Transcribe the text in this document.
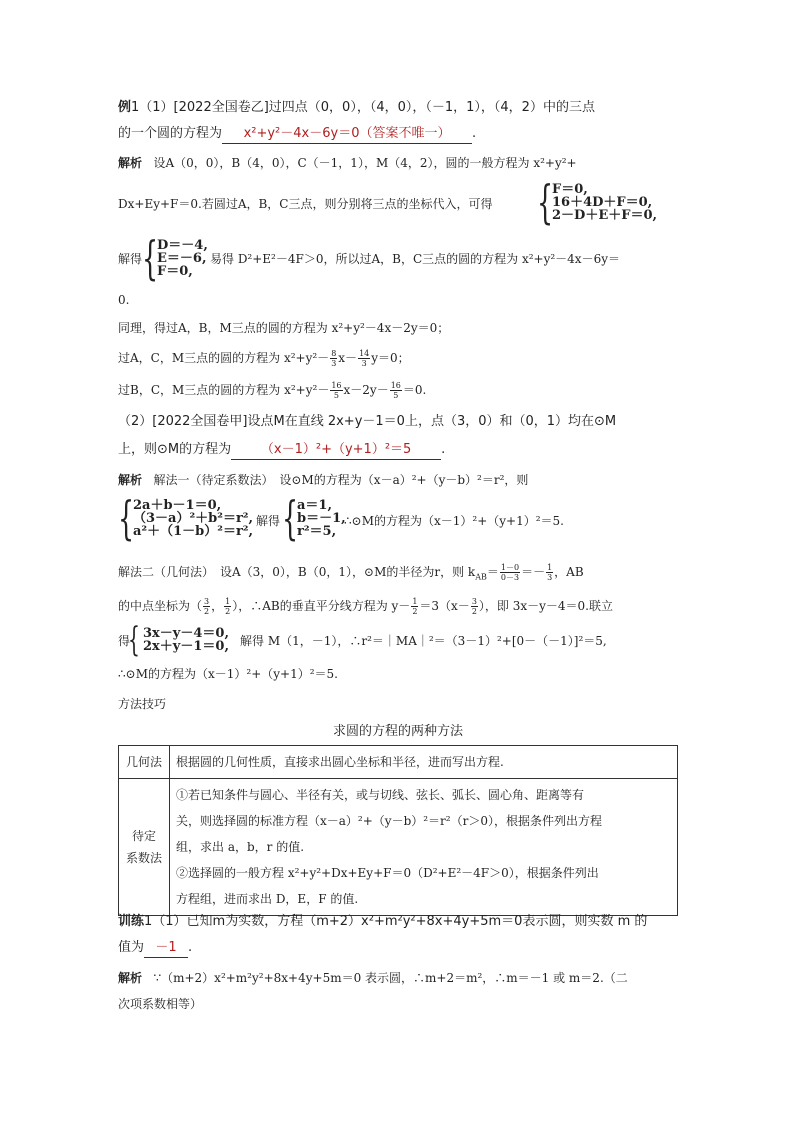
例1（1）[2022全国卷乙]过四点（0，0），（4，0），（－1，1），（4，2）中的三点
的一个圆的方程为 x²+y²－4x－6y＝0（答案不唯一） .
解析 设A（0，0），B（4，0），C（－1，1），M（4，2），圆的一般方程为 x²+y²+
Dx+Ey+F＝0.若圆过A，B，C三点，则分别将三点的坐标代入，可得 {
F＝0,
16＋4D＋F＝0,
2－D＋E＋F＝0,
解得 {
D＝－4,
E＝－6,
F＝0,
易得 D²+E²－4F＞0，所以过A，B，C三点的圆的方程为 x²+y²－4x－6y＝
0.
同理，得过A，B，M三点的圆的方程为 x²+y²－4x－2y＝0；
过A，C，M三点的圆的方程为 $x^2+y^2- \frac{8}{3} x- \frac{14}{3} y=0$；
过B，C，M三点的圆的方程为 $x^2+y^2- \frac{16}{5} x-2y- \frac{16}{5} =0$.
（2）[2022全国卷甲]设点M在直线 2x+y－1＝0上，点（3，0）和（0，1）均在⊙M
上，则⊙M的方程为 （x－1）²+（y+1）²＝5 .
解析 解法一（待定系数法）　设⊙M的方程为（x－a）²+（y－b）²＝r²，则
{
2a＋b－1＝0,
（3－a）²＋b²＝r²,
a²＋（1－b）²＝r²,
解得 {
a＝1,
b＝－1,
r²＝5,
∴⊙M的方程为（x－1）²+（y+1）²＝5.
解法二（几何法）　设A（3，0），B（0，1），⊙M的半径为r，则 $k_{AB}= \frac{1-0}{0-3} =- \frac{1}{3}$ ，AB
的中点坐标为（ $\frac{3}{2}$ ， $\frac{1}{2}$ ），∴AB的垂直平分线方程为 $y- \frac{1}{2} =3(x- \frac{3}{2}$ ），即 3x－y－4＝0.联立
得
{ 3x－y－4＝0,
2x＋y－1＝0, 解得 M（1，－1），∴r²＝｜MA｜²＝（3－1）²+[0－（－1）]²＝5,
∴⊙M的方程为（x－1）²+（y+1）²＝5.
方法技巧
求圆的方程的两种方法
几何法	根据圆的几何性质，直接求出圆心坐标和半径，进而写出方程.
待定
系数法	①若已知条件与圆心、半径有关，或与切线、弦长、弧长、圆心角、距离等有
关，则选择圆的标准方程（x－a）²+（y－b）²＝r²（r＞0），根据条件列出方程
组，求出 a，b，r 的值.
②选择圆的一般方程 x²+y²+Dx+Ey+F＝0（D²+E²－4F＞0），根据条件列出
方程组，进而求出 D，E，F 的值.
训练1（1）已知m为实数，方程（m+2）x²+m²y²+8x+4y+5m＝0表示圆，则实数 m 的
值为 －1 .
解析 ∵（m+2）x²+m²y²+8x+4y+5m＝0 表示圆，∴m+2＝m²，∴m＝－1 或 m＝2.（二
次项系数相等）
